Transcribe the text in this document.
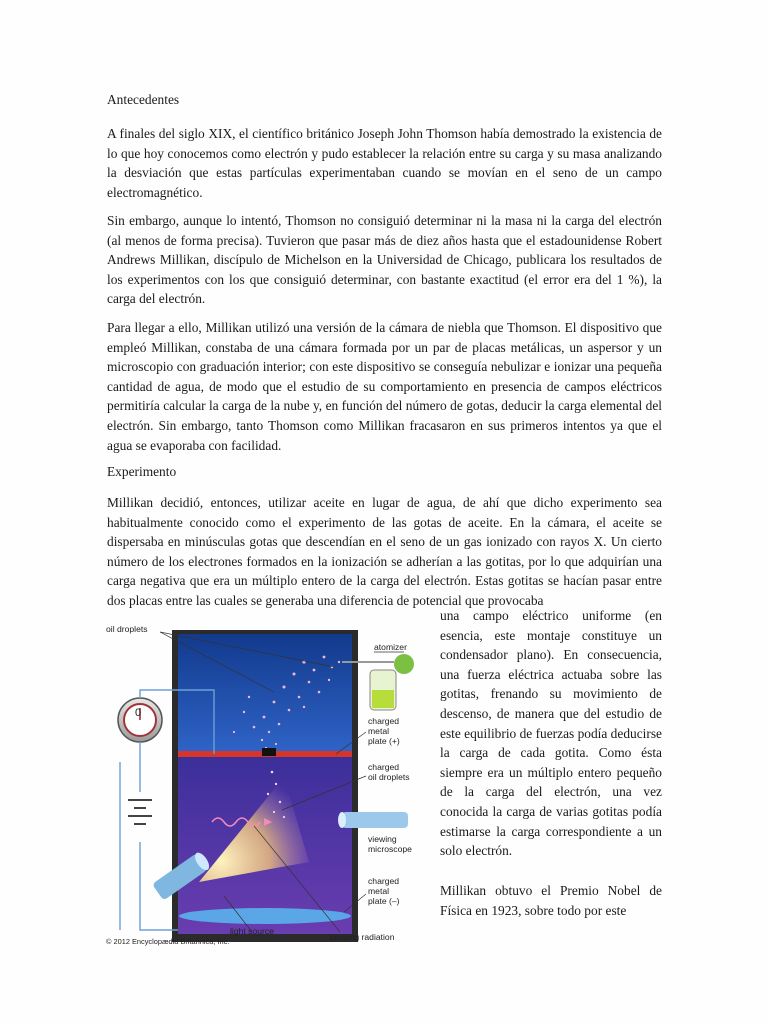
Antecedentes

A finales del siglo XIX, el científico británico Joseph John Thomson había demostrado la existencia de lo que hoy conocemos como electrón y pudo establecer la relación entre su carga y su masa analizando la desviación que estas partículas experimentaban cuando se movían en el seno de un campo electromagnético.

Sin embargo, aunque lo intentó, Thomson no consiguió determinar ni la masa ni la carga del electrón (al menos de forma precisa). Tuvieron que pasar más de diez años hasta que el estadounidense Robert Andrews Millikan, discípulo de Michelson en la Universidad de Chicago, publicara los resultados de los experimentos con los que consiguió determinar, con bastante exactitud (el error era del 1 %), la carga del electrón.

Para llegar a ello, Millikan utilizó una versión de la cámara de niebla que Thomson. El dispositivo que empleó Millikan, constaba de una cámara formada por un par de placas metálicas, un aspersor y un microscopio con graduación interior; con este dispositivo se conseguía nebulizar e ionizar una pequeña cantidad de agua, de modo que el estudio de su comportamiento en presencia de campos eléctricos permitiría calcular la carga de la nube y, en función del número de gotas, deducir la carga elemental del electrón. Sin embargo, tanto Thomson como Millikan fracasaron en sus primeros intentos ya que el agua se evaporaba con facilidad.

Experimento

Millikan decidió, entonces, utilizar aceite en lugar de agua, de ahí que dicho experimento sea habitualmente conocido como el experimento de las gotas de aceite. En la cámara, el aceite se dispersaba en minúsculas gotas que descendían en el seno de un gas ionizado con rayos X. Un cierto número de los electrones formados en la ionización se adherían a las gotitas, por lo que adquirían una carga negativa que era un múltiplo entero de la carga del electrón. Estas gotitas se hacían pasar entre dos placas entre las cuales se generaba una diferencia de potencial que provocaba

una campo eléctrico uniforme (en esencia, este montaje constituye un condensador plano). En consecuencia, una fuerza eléctrica actuaba sobre las gotitas, frenando su movimiento de descenso, de manera que del estudio de este equilibrio de fuerzas podía deducirse la carga de cada gotita. Como ésta siempre era un múltiplo entero pequeño de la carga del electrón, una vez conocida la carga de varias gotitas podía estimarse la carga correspondiente a un solo electrón.

Millikan obtuvo el Premio Nobel de Física en 1923, sobre todo por este

0
oil droplets
atomizer
charged
metal
plate (+)
charged
oil droplets
viewing
microscope
charged
metal
plate (–)
light source
ionizing radiation
© 2012 Encyclopædia Britannica, Inc.
